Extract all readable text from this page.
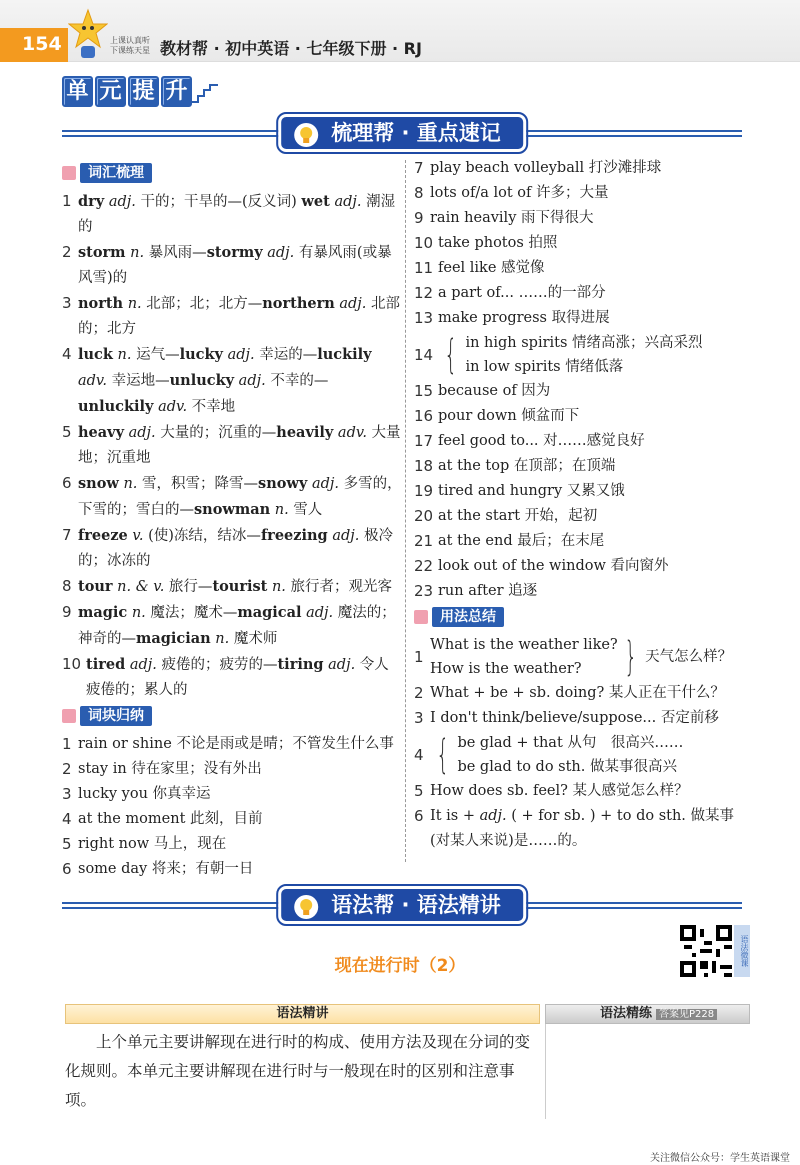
154	上课认真听
下课练天星 教材帮 · 初中英语 · 七年级下册 · RJ
单 元 提 升
梳理帮 · 重点速记
词汇梳理
1 dry adj. 干的；干旱的—(反义词) wet adj. 潮湿的
2 storm n. 暴风雨—stormy adj. 有暴风雨(或暴风雪)的
3 north n. 北部；北；北方—northern adj. 北部的；北方
4 luck n. 运气—lucky adj. 幸运的—luckily adv. 幸运地—unlucky adj. 不幸的—unluckily adv. 不幸地
5 heavy adj. 大量的；沉重的—heavily adv. 大量地；沉重地
6 snow n. 雪，积雪；降雪—snowy adj. 多雪的，下雪的；雪白的—snowman n. 雪人
7 freeze v. (使)冻结，结冰—freezing adj. 极冷的；冰冻的
8 tour n. & v. 旅行—tourist n. 旅行者；观光客
9 magic n. 魔法；魔术—magical adj. 魔法的；神奇的—magician n. 魔术师
10 tired adj. 疲倦的；疲劳的—tiring adj. 令人疲倦的；累人的
词块归纳
1 rain or shine 不论是雨或是晴；不管发生什么事
2 stay in 待在家里；没有外出
3 lucky you 你真幸运
4 at the moment 此刻，目前
5 right now 马上，现在
6 some day 将来；有朝一日
7 play beach volleyball 打沙滩排球
8 lots of/a lot of 许多；大量
9 rain heavily 雨下得很大
10 take photos 拍照
11 feel like 感觉像
12 a part of... ……的一部分
13 make progress 取得进展
14 { in high spirits 情绪高涨；兴高采烈
in low spirits 情绪低落
15 because of 因为
16 pour down 倾盆而下
17 feel good to... 对……感觉良好
18 at the top 在顶部；在顶端
19 tired and hungry 又累又饿
20 at the start 开始，起初
21 at the end 最后；在末尾
22 look out of the window 看向窗外
23 run after 追逐
用法总结
1
What is the weather like?
How is the weather?	} 天气怎么样？
2 What + be + sb. doing? 某人正在干什么？
3 I don't think/believe/suppose... 否定前移
4 { be glad + that 从句　很高兴……
be glad to do sth. 做某事很高兴
5 How does sb. feel? 某人感觉怎么样？
6 It is + adj. ( + for sb. ) + to do sth. 做某事(对某人来说)是……的。
语法帮 · 语法精讲
现在进行时（2）	语法微课
语法精讲	语法精练 答案见P228
上个单元主要讲解现在进行时的构成、使用方法及现在分词的变化规则。本单元主要讲解现在进行时与一般现在时的区别和注意事项。
关注微信公众号：学生英语课堂
